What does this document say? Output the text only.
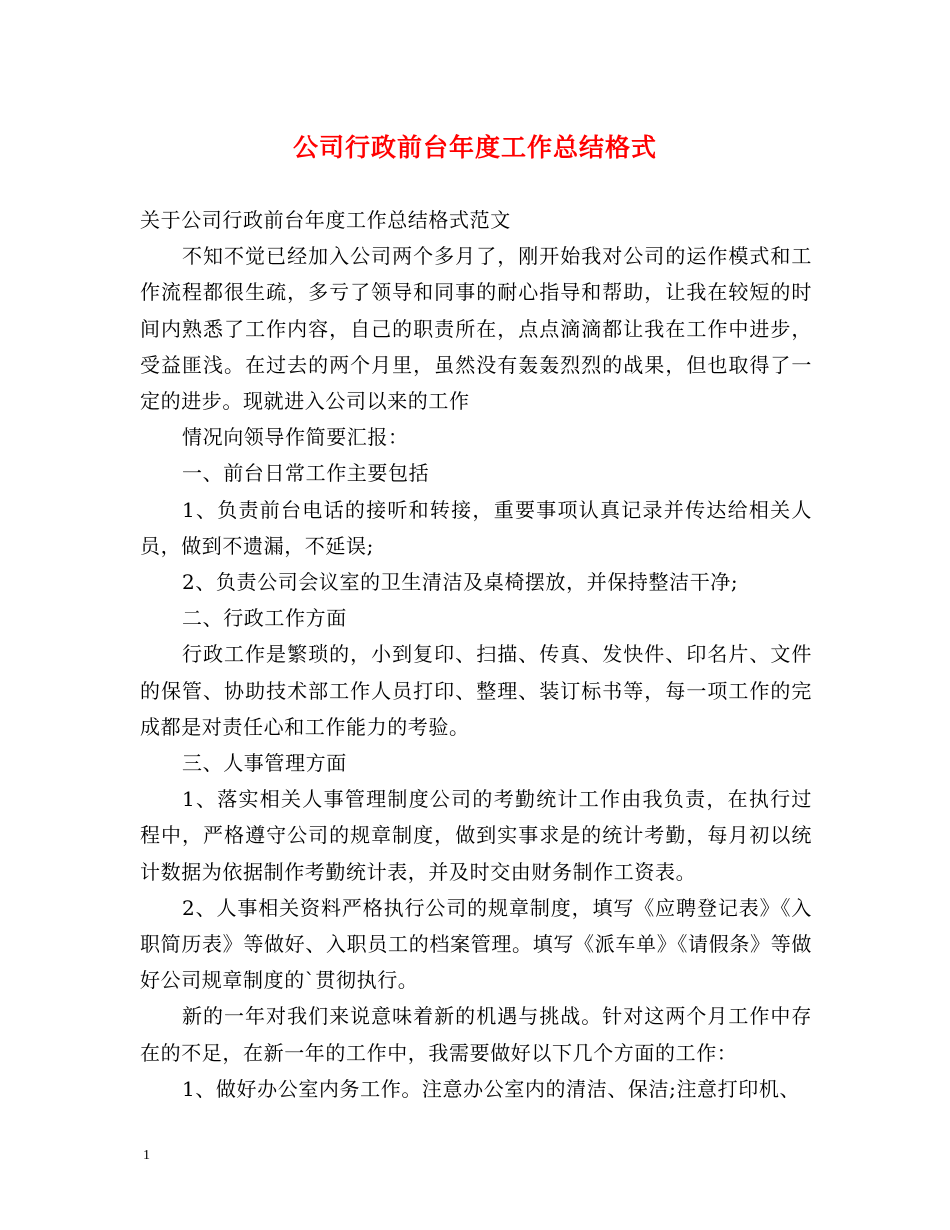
公司行政前台年度工作总结格式

关于公司行政前台年度工作总结格式范文

不知不觉已经加入公司两个多月了，刚开始我对公司的运作模式和工作流程都很生疏，多亏了领导和同事的耐心指导和帮助，让我在较短的时间内熟悉了工作内容，自己的职责所在，点点滴滴都让我在工作中进步，受益匪浅。在过去的两个月里，虽然没有轰轰烈烈的战果，但也取得了一定的进步。现就进入公司以来的工作

情况向领导作简要汇报：

一、前台日常工作主要包括

1、负责前台电话的接听和转接，重要事项认真记录并传达给相关人员，做到不遗漏，不延误;

2、负责公司会议室的卫生清洁及桌椅摆放，并保持整洁干净;

二、行政工作方面

行政工作是繁琐的，小到复印、扫描、传真、发快件、印名片、文件的保管、协助技术部工作人员打印、整理、装订标书等，每一项工作的完成都是对责任心和工作能力的考验。

三、人事管理方面

1、落实相关人事管理制度公司的考勤统计工作由我负责，在执行过程中，严格遵守公司的规章制度，做到实事求是的统计考勤，每月初以统计数据为依据制作考勤统计表，并及时交由财务制作工资表。

2、人事相关资料严格执行公司的规章制度，填写《应聘登记表》《入职简历表》等做好、入职员工的档案管理。填写《派车单》《请假条》等做好公司规章制度的`贯彻执行。

新的一年对我们来说意味着新的机遇与挑战。针对这两个月工作中存在的不足，在新一年的工作中，我需要做好以下几个方面的工作：

1、做好办公室内务工作。注意办公室内的清洁、保洁;注意打印机、

1
